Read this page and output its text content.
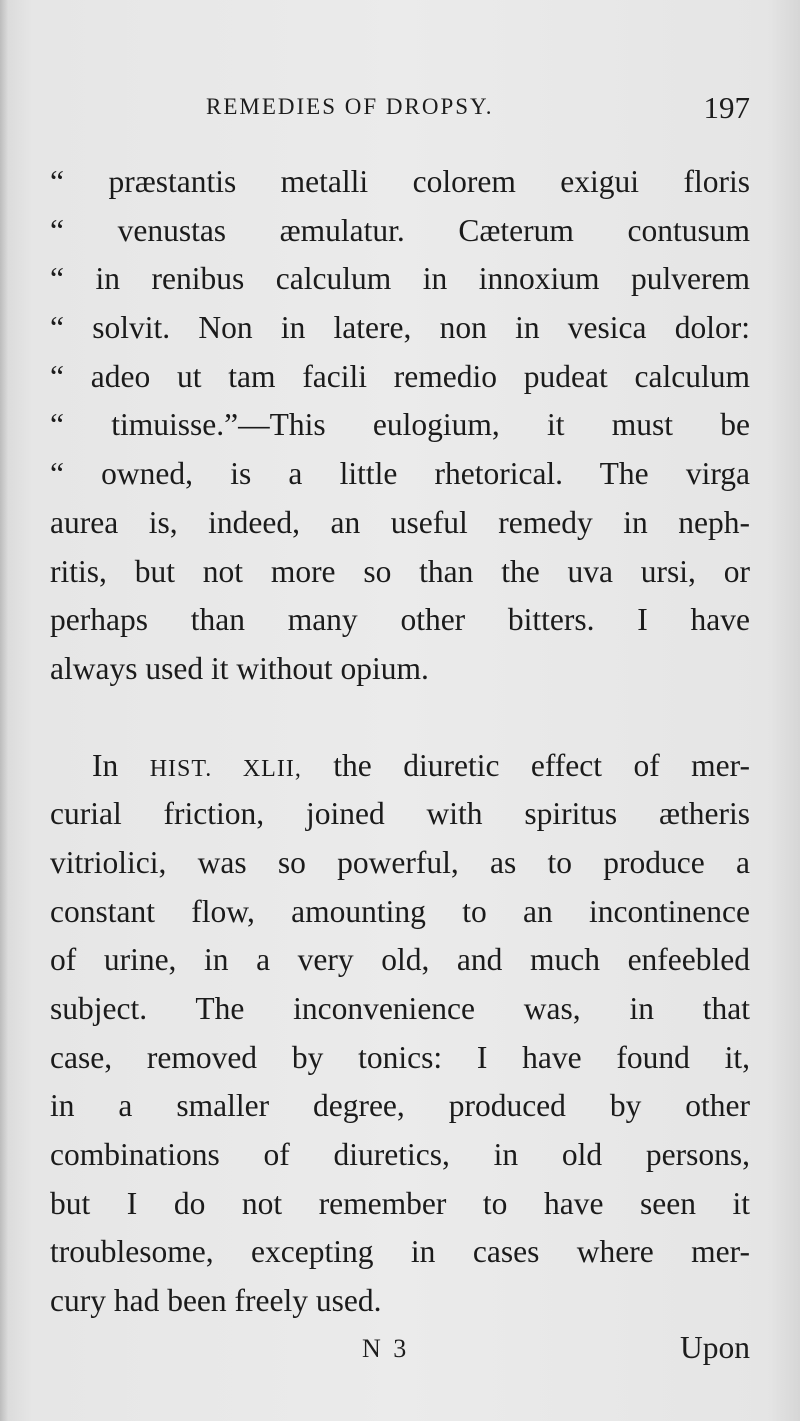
REMEDIES OF DROPSY.	197
“ præstantis metalli colorem exigui floris
“ venustas æmulatur. Cæterum contusum
“ in renibus calculum in innoxium pulverem
“ solvit. Non in latere, non in vesica dolor:
“ adeo ut tam facili remedio pudeat calculum
“ timuisse.”—This eulogium, it must be
“ owned, is a little rhetorical. The virga
aurea is, indeed, an useful remedy in neph-
ritis, but not more so than the uva ursi, or
perhaps than many other bitters. I have
always used it without opium.
In HIST. XLII, the diuretic effect of mer-
curial friction, joined with spiritus ætheris
vitriolici, was so powerful, as to produce a
constant flow, amounting to an incontinence
of urine, in a very old, and much enfeebled
subject. The inconvenience was, in that
case, removed by tonics: I have found it,
in a smaller degree, produced by other
combinations of diuretics, in old persons,
but I do not remember to have seen it
troublesome, excepting in cases where mer-
cury had been freely used.
N 3	Upon
